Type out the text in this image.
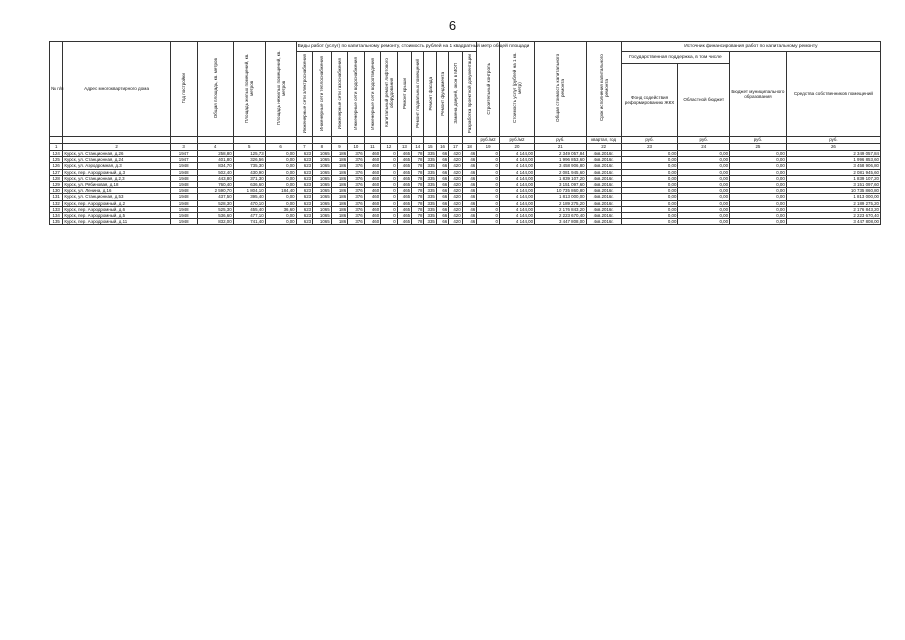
6
№ п/п	Адрес многоквартирного дома	Год постройки	Общая площадь, кв. метров	Площадь жилых помещений, кв. метров	Площадь нежилых помещений, кв. метров	Виды работ (услуг) по капитальному ремонту, стоимость рублей на 1 квадратный метр общей площади												Строительный контроль	Стоимость услуг (рублей на 1 кв. метр)	Общая стоимость капитального ремонта	Срок исполнения капитального ремонта	Источник финансирования работ по капитальному ремонту			
						Инженерные сети электроснабжения	Инженерные сети теплоснабжения	Инженерные сети газоснабжения	Инженерные сети водоснабжения	Инженерные сети водоотведения	Капитальный ремонт лифтового оборудования	Ремонт крыши	Ремонт подвальных помещений	Ремонт фасада	Ремонт фундамента	Замена дверей, окон в МОП	Разработка проектной документации					Государственная поддержка, в том числе		Бюджет муниципального образования	Средства собственников помещений
																						Фонд содействия реформированию ЖКХ	Областной бюджет		
																		руб./м2	руб./м2	руб.	квартал, год	руб.	руб.	руб.	руб.
1	2	3	4	5	6	7	8	9	10	11	12	13	14	15	16	17	18	19	20	21	22	23	24	25	26
124	Курск, ул. Станционная, д.26	1947	258,80	125,73	0,00	623	1065	186	376	460	0	465	78	335	66	420	46	0	4 144,00	2 349 057,84	4кв.2016г.	0,00	0,00	0,00	2 349 057,84
125	Курск, ул. Станционная, д.24	1947	401,80	326,56	0,00	623	1065	186	376	460	0	465	78	335	66	420	46	0	4 144,00	1 996 853,60	4кв.2016г.	0,00	0,00	0,00	1 996 853,60
126	Курск, ул. Аэродромная, д.3	1948	834,70	735,30	0,00	623	1065	186	376	460	0	465	78	335	66	420	46	0	4 144,00	3 458 906,80	4кв.2016г.	0,00	0,00	0,00	3 458 906,80
127	Курск, пер. Аэродромный, д.3	1948	502,40	430,90	0,00	623	1065	186	376	460	0	465	78	335	66	420	46	0	4 144,00	2 081 945,60	4кв.2016г.	0,00	0,00	0,00	2 081 945,60
128	Курск, ул. Станционная, д.2,3	1948	443,80	371,30	0,00	623	1065	186	376	460	0	465	78	335	66	420	46	0	4 144,00	1 839 107,20	4кв.2016г.	0,00	0,00	0,00	1 839 107,20
129	Курск, ул. Рябиновая, д.18	1948	760,40	636,60	0,00	623	1065	186	376	460	0	465	78	335	66	420	46	0	4 144,00	3 151 097,60	4кв.2016г.	0,00	0,00	0,00	3 151 097,60
130	Курск, ул. Ленина, д.16	1948	2 590,70	1 804,10	184,40	623	1065	186	376	460	0	465	78	335	66	420	46	0	4 144,00	10 735 860,80	4кв.2016г.	0,00	0,00	0,00	10 735 860,80
131	Курск, ул. Станционная, д.53	1948	437,50	395,40	0,00	623	1065	186	376	460	0	465	78	335	66	420	46	0	4 144,00	1 813 000,00	4кв.2016г.	0,00	0,00	0,00	1 813 000,00
132	Курск, пер. Аэродромный, д.2	1948	528,30	470,10	0,00	623	1065	186	376	460	0	465	78	335	66	420	46	0	4 144,00	2 189 275,20	4кв.2016г.	0,00	0,00	0,00	2 189 275,20
133	Курск, пер. Аэродромный, д.6	1948	525,30	455,40	36,60	623	1065	186	376	460	0	465	78	335	66	420	46	0	4 144,00	2 176 843,20	4кв.2016г.	0,00	0,00	0,00	2 176 843,20
134	Курск, пер. Аэродромный, д.5	1948	536,60	477,10	0,00	623	1065	186	376	460	0	465	78	335	66	420	46	0	4 144,00	2 223 670,40	4кв.2016г.	0,00	0,00	0,00	2 223 670,40
135	Курск, пер. Аэродромный, д.11	1948	832,00	741,40	0,00	623	1065	186	376	460	0	465	78	335	66	420	46	0	4 144,00	3 447 808,00	4кв.2016г.	0,00	0,00	0,00	3 447 808,00
